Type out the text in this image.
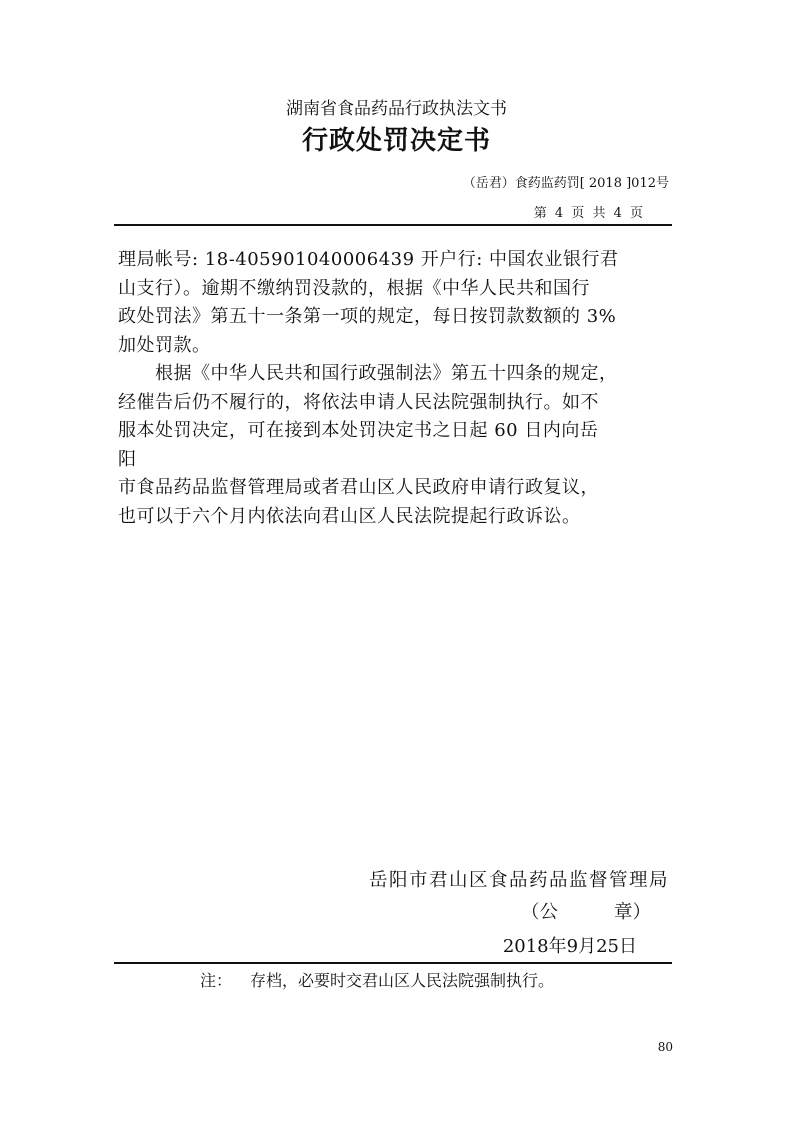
湖南省食品药品行政执法文书
行政处罚决定书
（岳君）食药监药罚[ 2018 ]012号
第 4 页 共 4 页
理局帐号: 18-405901040006439 开户行: 中国农业银行君
山支行）。逾期不缴纳罚没款的，根据《中华人民共和国行
政处罚法》第五十一条第一项的规定，每日按罚款数额的 3%
加处罚款。
根据《中华人民共和国行政强制法》第五十四条的规定，
经催告后仍不履行的，将依法申请人民法院强制执行。如不
服本处罚决定，可在接到本处罚决定书之日起 60 日内向岳
阳
市食品药品监督管理局或者君山区人民政府申请行政复议，
也可以于六个月内依法向君山区人民法院提起行政诉讼。
岳阳市君山区食品药品监督管理局
（公	章）
2018年9月25日
注： 存档，必要时交君山区人民法院强制执行。
80
